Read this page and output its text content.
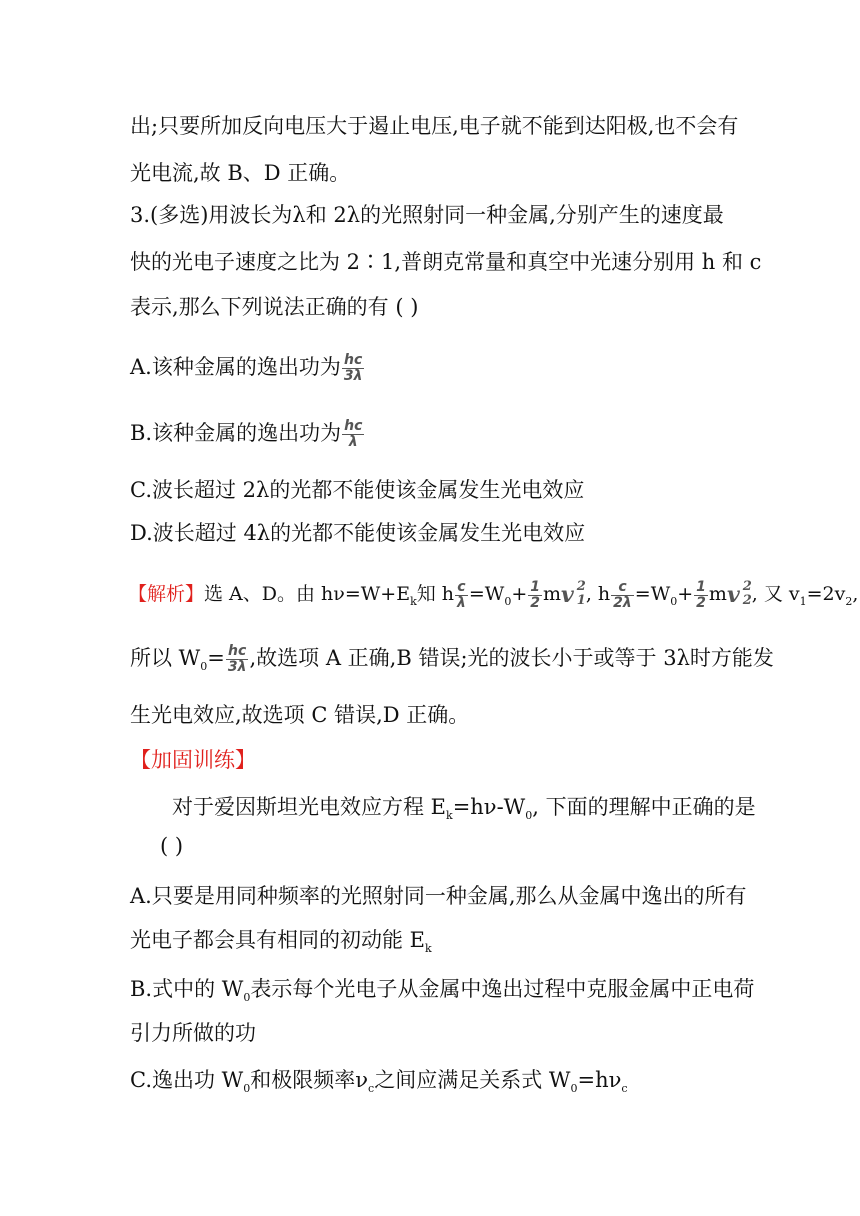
出;只要所加反向电压大于遏止电压,电子就不能到达阳极,也不会有
光电流,故 B、D 正确。
3.(多选)用波长为λ和 2λ的光照射同一种金属,分别产生的速度最
快的光电子速度之比为 2∶1,普朗克常量和真空中光速分别用 h 和 c
表示,那么下列说法正确的有 ( )
A.该种金属的逸出功为 $\frac{hc}{3\lambda}$
B.该种金属的逸出功为 $\frac{hc}{\lambda}$
C.波长超过 2λ的光都不能使该金属发生光电效应
D.波长超过 4λ的光都不能使该金属发生光电效应
【解析】选 A、D。由 $h\nu=W+E_k$知 h $\frac{c}{\lambda} =W_0+ \frac{1}{2}$ mv 2
1 , h $\frac{c}{2\lambda} =W_0+ \frac{1}{2}$ mv 2
2 , 又 $v_1=2v_2$,
所以 $W_0= \frac{hc}{3\lambda}$ ,故选项 A 正确,B 错误;光的波长小于或等于 3λ时方能发
生光电效应,故选项 C 错误,D 正确。
【加固训练】
对于爱因斯坦光电效应方程 $E_k=h\nu-W_0$, 下面的理解中正确的是
( )
A.只要是用同种频率的光照射同一种金属,那么从金属中逸出的所有
光电子都会具有相同的初动能 $E_k$
B.式中的 $W_0$表示每个光电子从金属中逸出过程中克服金属中正电荷
引力所做的功
C.逸出功 $W_0$和极限频率$\nu_c$之间应满足关系式 $W_0=h\nu_c$
